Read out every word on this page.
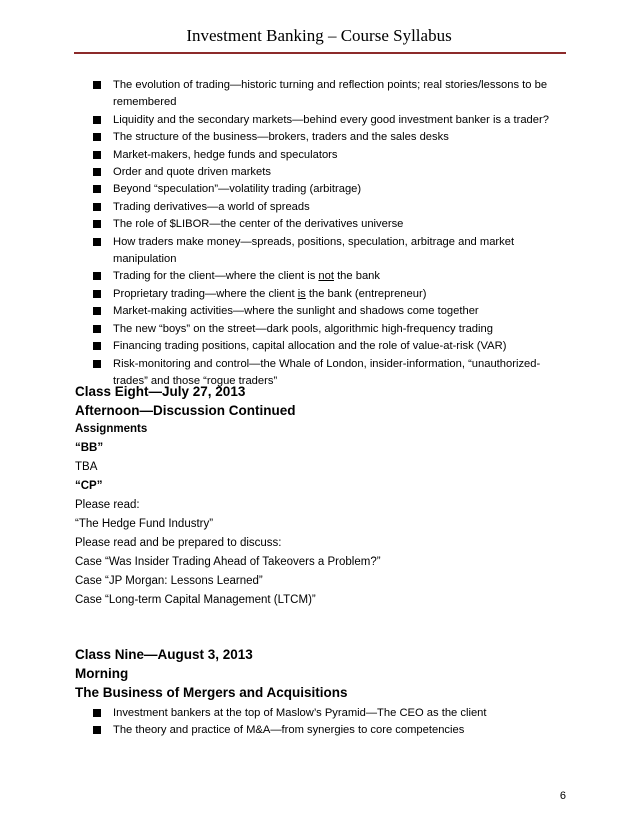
Investment Banking – Course Syllabus
The evolution of trading—historic turning and reflection points; real stories/lessons to be remembered
Liquidity and the secondary markets—behind every good investment banker is a trader?
The structure of the business—brokers, traders and the sales desks
Market-makers, hedge funds and speculators
Order and quote driven markets
Beyond “speculation”—volatility trading (arbitrage)
Trading derivatives—a world of spreads
The role of $LIBOR—the center of the derivatives universe
How traders make money—spreads, positions, speculation, arbitrage and market manipulation
Trading for the client—where the client is not the bank
Proprietary trading—where the client is the bank (entrepreneur)
Market-making activities—where the sunlight and shadows come together
The new “boys” on the street—dark pools, algorithmic high-frequency trading
Financing trading positions, capital allocation and the role of value-at-risk (VAR)
Risk-monitoring and control—the Whale of London, insider-information, “unauthorized-trades” and those “rogue traders”
Class Eight—July 27, 2013
Afternoon—Discussion Continued
Assignments
“BB”
TBA
“CP”
Please read:
“The Hedge Fund Industry”
Please read and be prepared to discuss:
Case “Was Insider Trading Ahead of Takeovers a Problem?”
Case “JP Morgan: Lessons Learned”
Case “Long-term Capital Management (LTCM)”
Class Nine—August 3, 2013
Morning
The Business of Mergers and Acquisitions
Investment bankers at the top of Maslow’s Pyramid—The CEO as the client
The theory and practice of M&A—from synergies to core competencies
6
